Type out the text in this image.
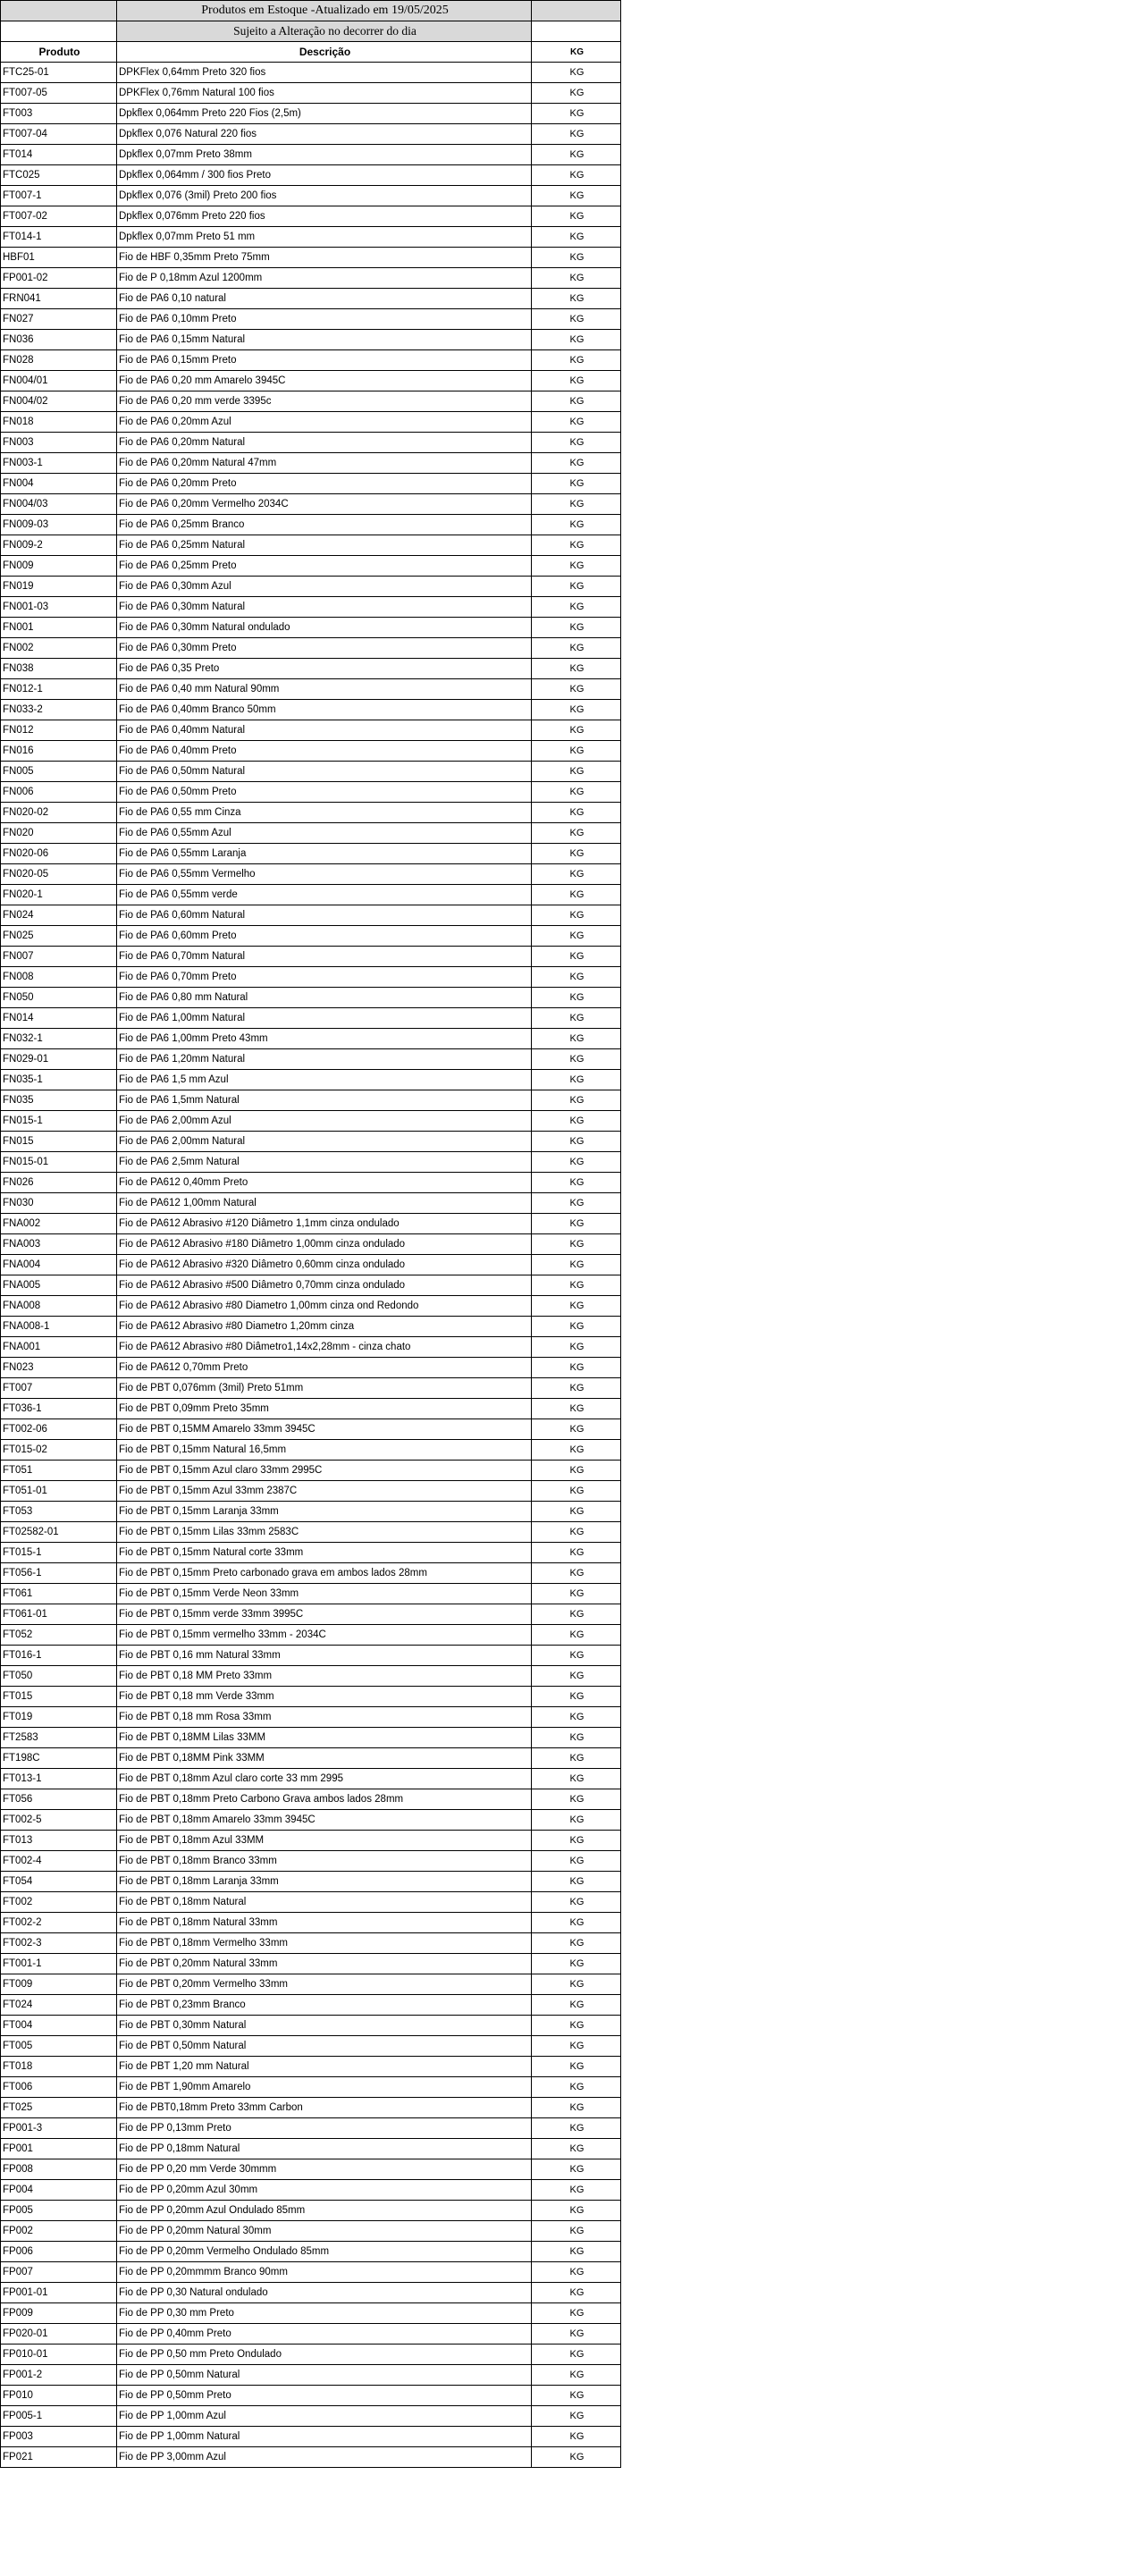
	Produtos em Estoque -Atualizado em 19/05/2025	
	Sujeito a Alteração no decorrer do dia	
Produto	Descrição	KG
FTC25-01	DPKFlex 0,64mm Preto 320 fios	KG
FT007-05	DPKFlex 0,76mm Natural 100 fios	KG
FT003	Dpkflex 0,064mm Preto 220 Fios (2,5m)	KG
FT007-04	Dpkflex 0,076 Natural 220 fios	KG
FT014	Dpkflex 0,07mm Preto 38mm	KG
FTC025	Dpkflex 0,064mm / 300 fios Preto	KG
FT007-1	Dpkflex 0,076 (3mil) Preto 200 fios	KG
FT007-02	Dpkflex 0,076mm Preto 220 fios	KG
FT014-1	Dpkflex 0,07mm Preto 51 mm	KG
HBF01	Fio de HBF 0,35mm Preto 75mm	KG
FP001-02	Fio de P 0,18mm Azul 1200mm	KG
FRN041	Fio de PA6 0,10 natural	KG
FN027	Fio de PA6 0,10mm Preto	KG
FN036	Fio de PA6 0,15mm Natural	KG
FN028	Fio de PA6 0,15mm Preto	KG
FN004/01	Fio de PA6 0,20 mm Amarelo 3945C	KG
FN004/02	Fio de PA6 0,20 mm verde 3395c	KG
FN018	Fio de PA6 0,20mm Azul	KG
FN003	Fio de PA6 0,20mm Natural	KG
FN003-1	Fio de PA6 0,20mm Natural 47mm	KG
FN004	Fio de PA6 0,20mm Preto	KG
FN004/03	Fio de PA6 0,20mm Vermelho 2034C	KG
FN009-03	Fio de PA6 0,25mm Branco	KG
FN009-2	Fio de PA6 0,25mm Natural	KG
FN009	Fio de PA6 0,25mm Preto	KG
FN019	Fio de PA6 0,30mm Azul	KG
FN001-03	Fio de PA6 0,30mm Natural	KG
FN001	Fio de PA6 0,30mm Natural ondulado	KG
FN002	Fio de PA6 0,30mm Preto	KG
FN038	Fio de PA6 0,35 Preto	KG
FN012-1	Fio de PA6 0,40 mm Natural 90mm	KG
FN033-2	Fio de PA6 0,40mm Branco 50mm	KG
FN012	Fio de PA6 0,40mm Natural	KG
FN016	Fio de PA6 0,40mm Preto	KG
FN005	Fio de PA6 0,50mm Natural	KG
FN006	Fio de PA6 0,50mm Preto	KG
FN020-02	Fio de PA6 0,55 mm Cinza	KG
FN020	Fio de PA6 0,55mm Azul	KG
FN020-06	Fio de PA6 0,55mm Laranja	KG
FN020-05	Fio de PA6 0,55mm Vermelho	KG
FN020-1	Fio de PA6 0,55mm verde	KG
FN024	Fio de PA6 0,60mm Natural	KG
FN025	Fio de PA6 0,60mm Preto	KG
FN007	Fio de PA6 0,70mm Natural	KG
FN008	Fio de PA6 0,70mm Preto	KG
FN050	Fio de PA6 0,80 mm Natural	KG
FN014	Fio de PA6 1,00mm Natural	KG
FN032-1	Fio de PA6 1,00mm Preto 43mm	KG
FN029-01	Fio de PA6 1,20mm Natural	KG
FN035-1	Fio de PA6 1,5 mm Azul	KG
FN035	Fio de PA6 1,5mm Natural	KG
FN015-1	Fio de PA6 2,00mm Azul	KG
FN015	Fio de PA6 2,00mm Natural	KG
FN015-01	Fio de PA6 2,5mm Natural	KG
FN026	Fio de PA612 0,40mm Preto	KG
FN030	Fio de PA612 1,00mm Natural	KG
FNA002	Fio de PA612 Abrasivo #120 Diâmetro 1,1mm cinza ondulado	KG
FNA003	Fio de PA612 Abrasivo #180 Diâmetro 1,00mm cinza ondulado	KG
FNA004	Fio de PA612 Abrasivo #320 Diâmetro 0,60mm cinza ondulado	KG
FNA005	Fio de PA612 Abrasivo #500 Diâmetro 0,70mm cinza ondulado	KG
FNA008	Fio de PA612 Abrasivo #80 Diametro 1,00mm cinza ond Redondo	KG
FNA008-1	Fio de PA612 Abrasivo #80 Diametro 1,20mm cinza	KG
FNA001	Fio de PA612 Abrasivo #80 Diâmetro1,14x2,28mm - cinza chato	KG
FN023	Fio de PA612 0,70mm Preto	KG
FT007	Fio de PBT 0,076mm (3mil) Preto 51mm	KG
FT036-1	Fio de PBT 0,09mm Preto 35mm	KG
FT002-06	Fio de PBT 0,15MM Amarelo 33mm 3945C	KG
FT015-02	Fio de PBT 0,15mm Natural 16,5mm	KG
FT051	Fio de PBT 0,15mm Azul claro 33mm 2995C	KG
FT051-01	Fio de PBT 0,15mm Azul 33mm 2387C	KG
FT053	Fio de PBT 0,15mm Laranja 33mm	KG
FT02582-01	Fio de PBT 0,15mm Lilas 33mm 2583C	KG
FT015-1	Fio de PBT 0,15mm Natural corte 33mm	KG
FT056-1	Fio de PBT 0,15mm Preto carbonado grava em ambos lados 28mm	KG
FT061	Fio de PBT 0,15mm Verde Neon 33mm	KG
FT061-01	Fio de PBT 0,15mm verde 33mm 3995C	KG
FT052	Fio de PBT 0,15mm vermelho 33mm - 2034C	KG
FT016-1	Fio de PBT 0,16 mm Natural 33mm	KG
FT050	Fio de PBT 0,18 MM Preto 33mm	KG
FT015	Fio de PBT 0,18 mm Verde 33mm	KG
FT019	Fio de PBT 0,18 mm Rosa 33mm	KG
FT2583	Fio de PBT 0,18MM Lilas 33MM	KG
FT198C	Fio de PBT 0,18MM Pink 33MM	KG
FT013-1	Fio de PBT 0,18mm Azul claro corte 33 mm 2995	KG
FT056	Fio de PBT 0,18mm Preto Carbono Grava ambos lados 28mm	KG
FT002-5	Fio de PBT 0,18mm Amarelo 33mm 3945C	KG
FT013	Fio de PBT 0,18mm Azul 33MM	KG
FT002-4	Fio de PBT 0,18mm Branco 33mm	KG
FT054	Fio de PBT 0,18mm Laranja 33mm	KG
FT002	Fio de PBT 0,18mm Natural	KG
FT002-2	Fio de PBT 0,18mm Natural 33mm	KG
FT002-3	Fio de PBT 0,18mm Vermelho 33mm	KG
FT001-1	Fio de PBT 0,20mm Natural 33mm	KG
FT009	Fio de PBT 0,20mm Vermelho 33mm	KG
FT024	Fio de PBT 0,23mm Branco	KG
FT004	Fio de PBT 0,30mm Natural	KG
FT005	Fio de PBT 0,50mm Natural	KG
FT018	Fio de PBT 1,20 mm Natural	KG
FT006	Fio de PBT 1,90mm Amarelo	KG
FT025	Fio de PBT0,18mm Preto 33mm Carbon	KG
FP001-3	Fio de PP 0,13mm Preto	KG
FP001	Fio de PP 0,18mm Natural	KG
FP008	Fio de PP 0,20 mm Verde 30mmm	KG
FP004	Fio de PP 0,20mm Azul 30mm	KG
FP005	Fio de PP 0,20mm Azul Ondulado 85mm	KG
FP002	Fio de PP 0,20mm Natural 30mm	KG
FP006	Fio de PP 0,20mm Vermelho Ondulado 85mm	KG
FP007	Fio de PP 0,20mmmm Branco 90mm	KG
FP001-01	Fio de PP 0,30 Natural ondulado	KG
FP009	Fio de PP 0,30 mm Preto	KG
FP020-01	Fio de PP 0,40mm Preto	KG
FP010-01	Fio de PP 0,50 mm Preto Ondulado	KG
FP001-2	Fio de PP 0,50mm Natural	KG
FP010	Fio de PP 0,50mm Preto	KG
FP005-1	Fio de PP 1,00mm Azul	KG
FP003	Fio de PP 1,00mm Natural	KG
FP021	Fio de PP 3,00mm Azul	KG
